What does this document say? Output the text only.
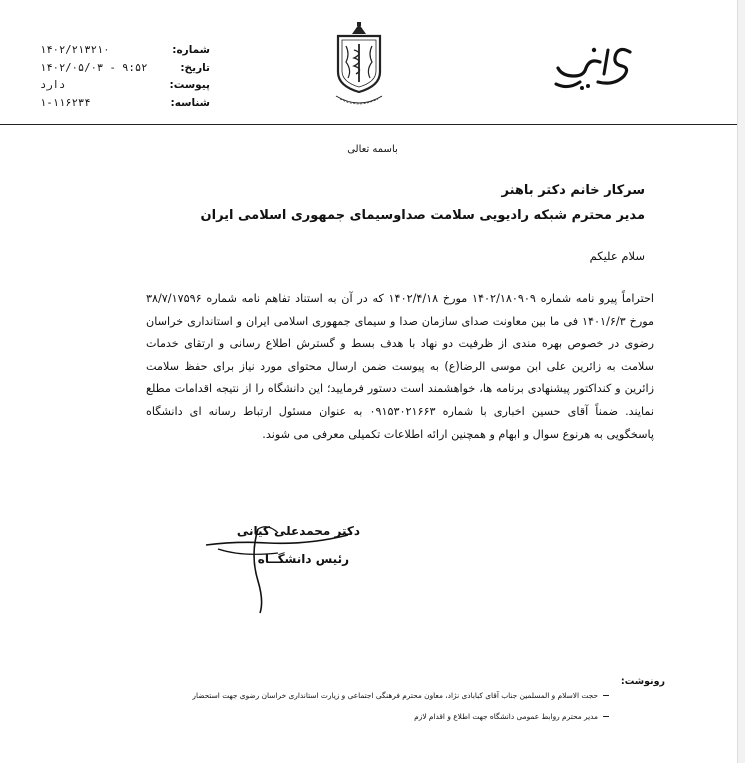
شماره:
۱۴۰۲/۲۱۳۲۱۰
تاریخ:
۱۴۰۲/۰۵/۰۳ - ۹:۵۲
پیوست:
دارد
شناسه:
۱-۱۱۶۲۳۴
باسمه تعالی
سرکار خانم دکتر باهنر
مدیر محترم شبکه رادیویی سلامت صداوسیمای جمهوری اسلامی ایران
سلام علیکم
احتراماً پیرو نامه شماره ۱۴۰۲/۱۸۰۹۰۹ مورخ ۱۴۰۲/۴/۱۸ که در آن به استناد تفاهم نامه شماره ۳۸/۷/۱۷۵۹۶ مورخ ۱۴۰۱/۶/۳ فی ما بین معاونت صدای سازمان صدا و سیمای جمهوری اسلامی ایران و استانداری خراسان رضوی در خصوص بهره مندی از ظرفیت دو نهاد با هدف بسط و گسترش اطلاع رسانی و ارتقای خدمات سلامت به زائرین علی ابن موسی الرضا(ع) به پیوست ضمن ارسال محتوای مورد نیاز برای حفظ سلامت زائرین و کنداکتور پیشنهادی برنامه ها، خواهشمند است دستور فرمایید؛ این دانشگاه را از نتیجه اقدامات مطلع نمایند. ضمناً آقای حسین اخباری با شماره ۰۹۱۵۳۰۲۱۶۶۳ به عنوان مسئول ارتباط رسانه ای دانشگاه پاسخگویی به هرنوع سوال و ابهام و همچنین ارائه اطلاعات تکمیلی معرفی می شوند.
دکتر محمدعلی کیانی
رئیس دانشگــاه
رونوشت:
حجت الاسلام و المسلمین جناب آقای کبابادی نژاد، معاون محترم فرهنگی اجتماعی و زیارت استانداری خراسان رضوی جهت استحضار
مدیر محترم روابط عمومی دانشگاه جهت اطلاع و اقدام لازم
